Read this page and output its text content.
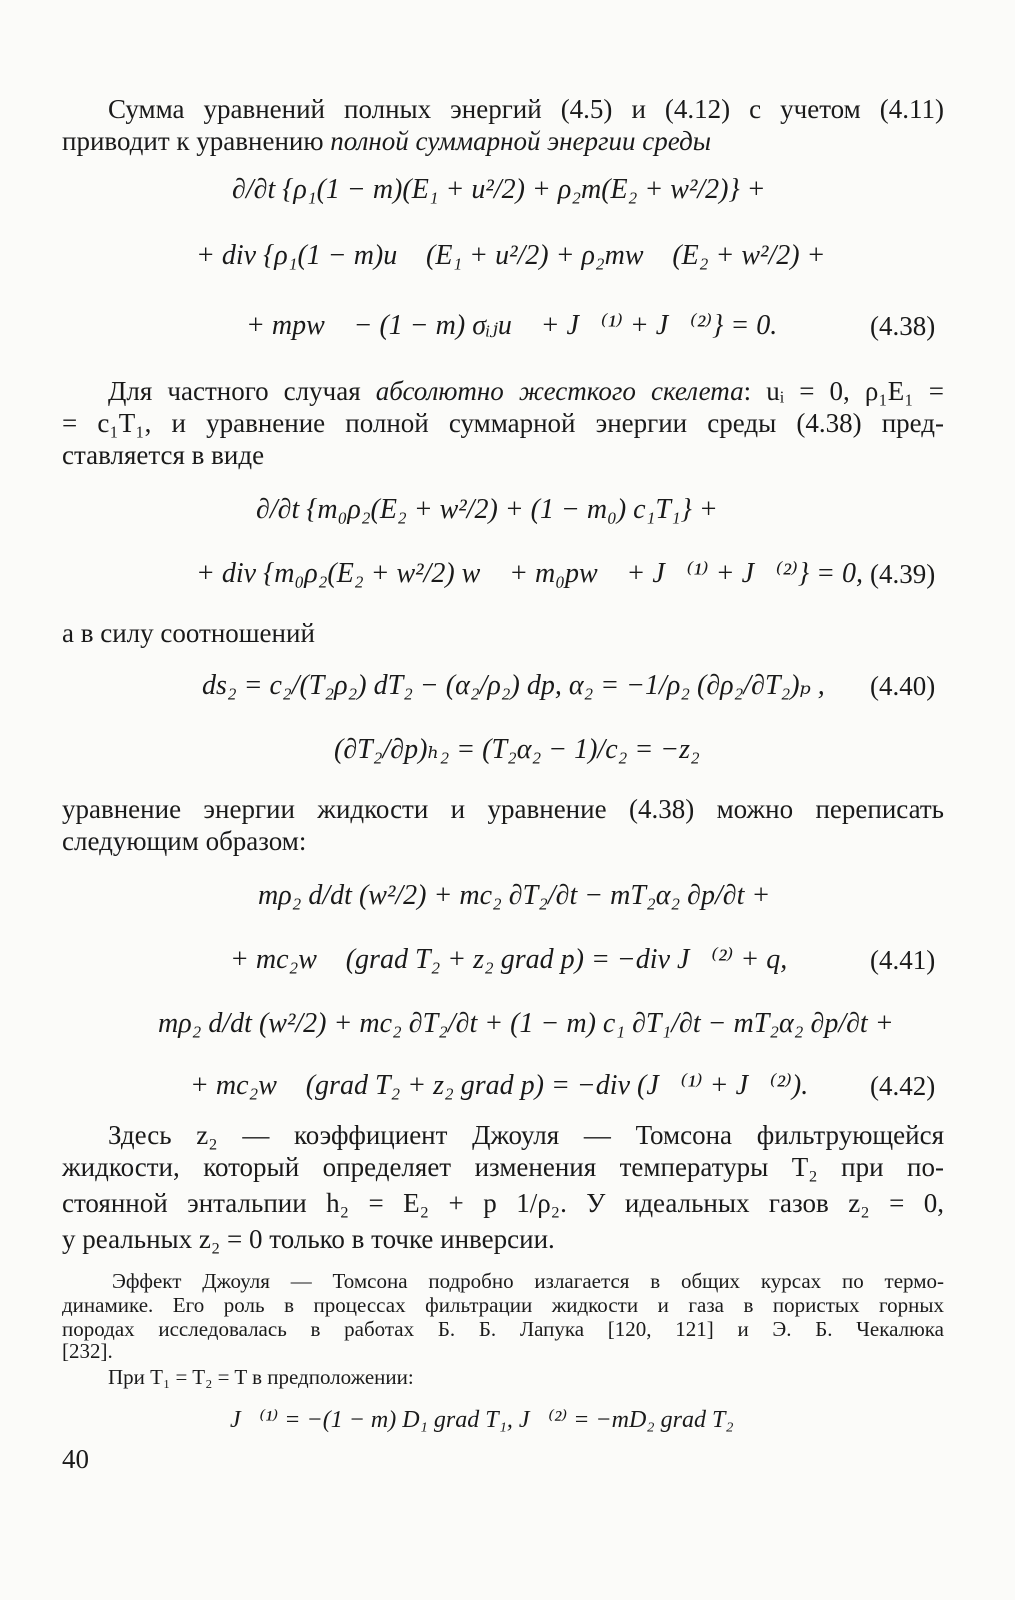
Сумма уравнений полных энергий (4.5) и (4.12) с учетом (4.11)
приводит к уравнению полной суммарной энергии среды
∂/∂t {ρ₁(1 − m)(E₁ + u²/2) + ρ₂m(E₂ + w²/2)} +
+ div {ρ₁(1 − m)u⃗ (E₁ + u²/2) + ρ₂mw⃗ (E₂ + w²/2) +
+ mpw⃗ − (1 − m) σᵢⱼu⃗ + J⃗⁽¹⁾ + J⃗⁽²⁾} = 0.	(4.38)
Для частного случая абсолютно жесткого скелета: uᵢ = 0, ρ₁E₁ =
= c₁T₁, и уравнение полной суммарной энергии среды (4.38) пред-
ставляется в виде
∂/∂t {m₀ρ₂(E₂ + w²/2) + (1 − m₀) c₁T₁} +
+ div {m₀ρ₂(E₂ + w²/2) w⃗ + m₀pw⃗ + J⃗⁽¹⁾ + J⃗⁽²⁾} = 0, (4.39)
а в силу соотношений
ds₂ = c₂/(T₂ρ₂) dT₂ − (α₂/ρ₂) dp, α₂ = −1/ρ₂ (∂ρ₂/∂T₂)ₚ , (4.40)
(∂T₂/∂p)ₕ₂ = (T₂α₂ − 1)/c₂ = −z₂
уравнение энергии жидкости и уравнение (4.38) можно переписать
следующим образом:
mρ₂ d/dt (w²/2) + mc₂ ∂T₂/∂t − mT₂α₂ ∂p/∂t +
+ mc₂w⃗ (grad T₂ + z₂ grad p) = −div J⃗⁽²⁾ + q,	(4.41)
mρ₂ d/dt (w²/2) + mc₂ ∂T₂/∂t + (1 − m) c₁ ∂T₁/∂t − mT₂α₂ ∂p/∂t +
+ mc₂w⃗ (grad T₂ + z₂ grad p) = −div (J⃗⁽¹⁾ + J⃗⁽²⁾). (4.42)
Здесь z₂ — коэффициент Джоуля — Томсона фильтрующейся
жидкости, который определяет изменения температуры T₂ при по-
стоянной энтальпии h₂ = E₂ + p 1/ρ₂. У идеальных газов z₂ = 0,
у реальных z₂ = 0 только в точке инверсии.
Эффект Джоуля — Томсона подробно излагается в общих курсах по термо-
динамике. Его роль в процессах фильтрации жидкости и газа в пористых горных
породах исследовалась в работах Б. Б. Лапука [120, 121] и Э. Б. Чекалюка
[232].
При T₁ = T₂ = T в предположении:
J⃗⁽¹⁾ = −(1 − m) D₁ grad T₁, J⃗⁽²⁾ = −mD₂ grad T₂
40
